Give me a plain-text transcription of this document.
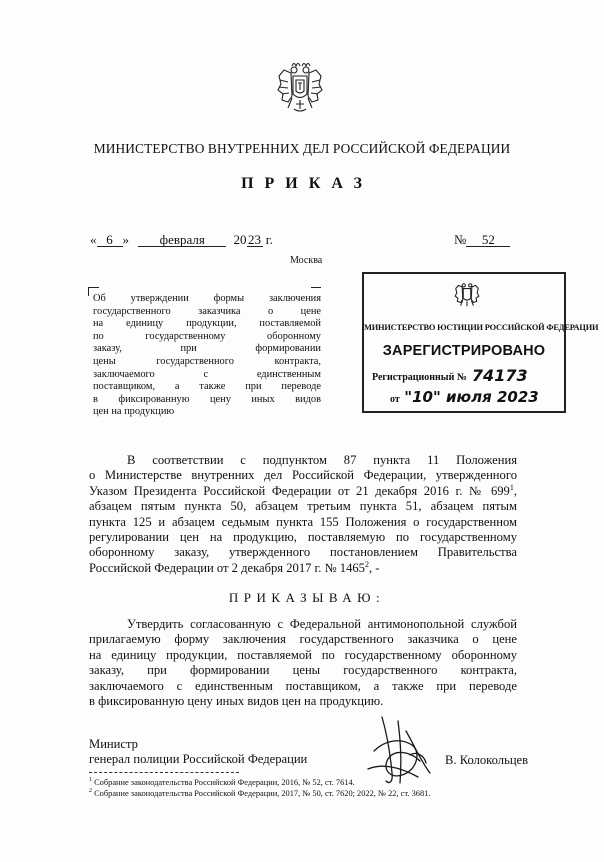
МИНИСТЕРСТВО ВНУТРЕННИХ ДЕЛ РОССИЙСКОЙ ФЕДЕРАЦИИ
ПРИКАЗ
« 6 » февраля 20 23 г.	№ 52
Москва
Об утверждении формы заключения
государственного заказчика о цене
на единицу продукции, поставляемой
по государственному оборонному
заказу, при формировании
цены государственного контракта,
заключаемого с единственным
поставщиком, а также при переводе
в фиксированную цену иных видов
цен на продукцию
МИНИСТЕРСТВО ЮСТИЦИИ РОССИЙСКОЙ ФЕДЕРАЦИИ
ЗАРЕГИСТРИРОВАНО
Регистрационный № 74173
от "10" июля 2023
В соответствии с подпунктом 87 пункта 11 Положения
о Министерстве внутренних дел Российской Федерации, утвержденного
Указом Президента Российской Федерации от 21 декабря 2016 г. № $699^1$,
абзацем пятым пункта 50, абзацем третьим пункта 51, абзацем пятым
пункта 125 и абзацем седьмым пункта 155 Положения о государственном
регулировании цен на продукцию, поставляемую по государственному
оборонному заказу, утвержденного постановлением Правительства
Российской Федерации от 2 декабря 2017 г. № 1465$^2$, -
ПРИКАЗЫВАЮ:
Утвердить согласованную с Федеральной антимонопольной службой
прилагаемую форму заключения государственного заказчика о цене
на единицу продукции, поставляемой по государственному оборонному
заказу, при формировании цены государственного контракта,
заключаемого с единственным поставщиком, а также при переводе
в фиксированную цену иных видов цен на продукцию.
Министр
генерал полиции Российской Федерации	В. Колокольцев
$^1$ Собрание законодательства Российской Федерации, 2016, № 52, ст. 7614.
$^2$ Собрание законодательства Российской Федерации, 2017, № 50, ст. 7620; 2022, № 22, ст. 3681.
